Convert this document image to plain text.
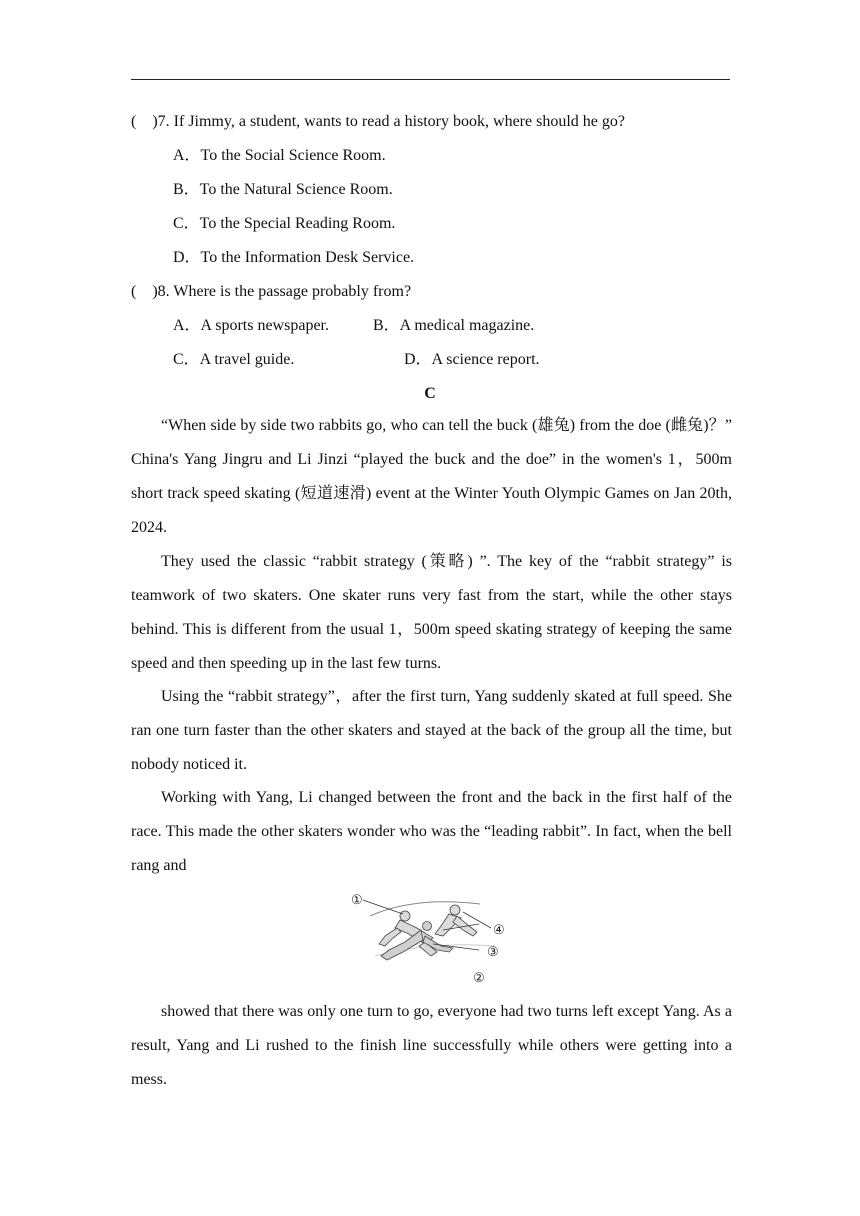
(    )7. If Jimmy, a student, wants to read a history book, where should he go?
A．To the Social Science Room.
B．To the Natural Science Room.
C．To the Special Reading Room.
D．To the Information Desk Service.
(    )8. Where is the passage probably from?
A．A sports newspaper.	B．A medical magazine.
C．A travel guide.	D．A science report.
C
“When side by side two rabbits go, who can tell the buck (雄兔) from the doe (雌兔)？” China's Yang Jingru and Li Jinzi “played the buck and the doe” in the women's 1，500m short track speed skating (短道速滑) event at the Winter Youth Olympic Games on Jan 20th, 2024.
They used the classic “rabbit strategy (策略) ”. The key of the “rabbit strategy” is teamwork of two skaters. One skater runs very fast from the start, while the other stays behind. This is different from the usual 1，500m speed skating strategy of keeping the same speed and then speeding up in the last few turns.
Using the “rabbit strategy”，after the first turn, Yang suddenly skated at full speed. She ran one turn faster than the other skaters and stayed at the back of the group all the time, but nobody noticed it.
Working with Yang, Li changed between the front and the back in the first half of the race. This made the other skaters wonder who was the “leading rabbit”. In fact, when the bell rang and
①
②
③
④
showed that there was only one turn to go, everyone had two turns left except Yang. As a result, Yang and Li rushed to the finish line successfully while others were getting into a mess.
